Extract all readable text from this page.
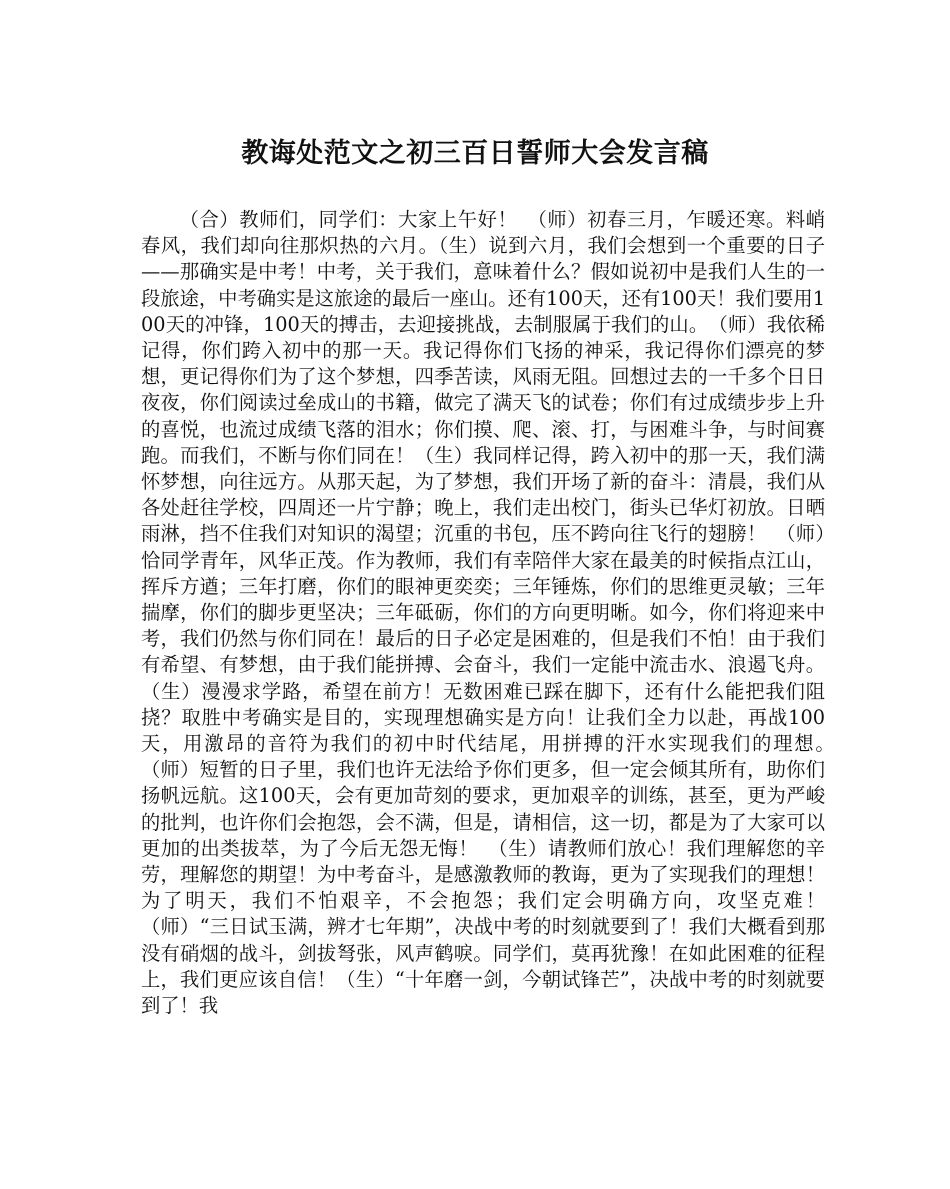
教诲处范文之初三百日誓师大会发言稿

（合）教师们，同学们：大家上午好！　（师）初春三月，乍暖还寒。料峭春风，我们却向往那炽热的六月。（生）说到六月，我们会想到一个重要的日子——那确实是中考！中考，关于我们，意味着什么？假如说初中是我们人生的一段旅途，中考确实是这旅途的最后一座山。还有100天，还有100天！我们要用100天的冲锋，100天的搏击，去迎接挑战，去制服属于我们的山。　（师）我依稀记得，你们跨入初中的那一天。我记得你们飞扬的神采，我记得你们漂亮的梦想，更记得你们为了这个梦想，四季苦读，风雨无阻。回想过去的一千多个日日夜夜，你们阅读过垒成山的书籍，做完了满天飞的试卷；你们有过成绩步步上升的喜悦，也流过成绩飞落的泪水；你们摸、爬、滚、打，与困难斗争，与时间赛跑。而我们，不断与你们同在！（生）我同样记得，跨入初中的那一天，我们满怀梦想，向往远方。从那天起，为了梦想，我们开场了新的奋斗：清晨，我们从各处赶往学校，四周还一片宁静；晚上，我们走出校门，街头已华灯初放。日晒雨淋，挡不住我们对知识的渴望；沉重的书包，压不跨向往飞行的翅膀！　（师）恰同学青年，风华正茂。作为教师，我们有幸陪伴大家在最美的时候指点江山，挥斥方遒；三年打磨，你们的眼神更奕奕；三年锤炼，你们的思维更灵敏；三年揣摩，你们的脚步更坚决；三年砥砺，你们的方向更明晰。如今，你们将迎来中考，我们仍然与你们同在！最后的日子必定是困难的，但是我们不怕！由于我们有希望、有梦想，由于我们能拼搏、会奋斗，我们一定能中流击水、浪遏飞舟。（生）漫漫求学路，希望在前方！无数困难已踩在脚下，还有什么能把我们阻挠？取胜中考确实是目的，实现理想确实是方向！让我们全力以赴，再战100天，用激昂的音符为我们的初中时代结尾，用拼搏的汗水实现我们的理想。　（师）短暂的日子里，我们也许无法给予你们更多，但一定会倾其所有，助你们扬帆远航。这100天，会有更加苛刻的要求，更加艰辛的训练，甚至，更为严峻的批判，也许你们会抱怨，会不满，但是，请相信，这一切，都是为了大家可以更加的出类拔萃，为了今后无怨无悔！　（生）请教师们放心！我们理解您的辛劳，理解您的期望！为中考奋斗，是感激教师的教诲，更为了实现我们的理想！为了明天，我们不怕艰辛，不会抱怨；我们定会明确方向，攻坚克难！　（师）“三日试玉满，辨才七年期”，决战中考的时刻就要到了！我们大概看到那没有硝烟的战斗，剑拔弩张，风声鹤唳。同学们，莫再犹豫！在如此困难的征程上，我们更应该自信！（生）“十年磨一剑，今朝试锋芒”，决战中考的时刻就要到了！我
